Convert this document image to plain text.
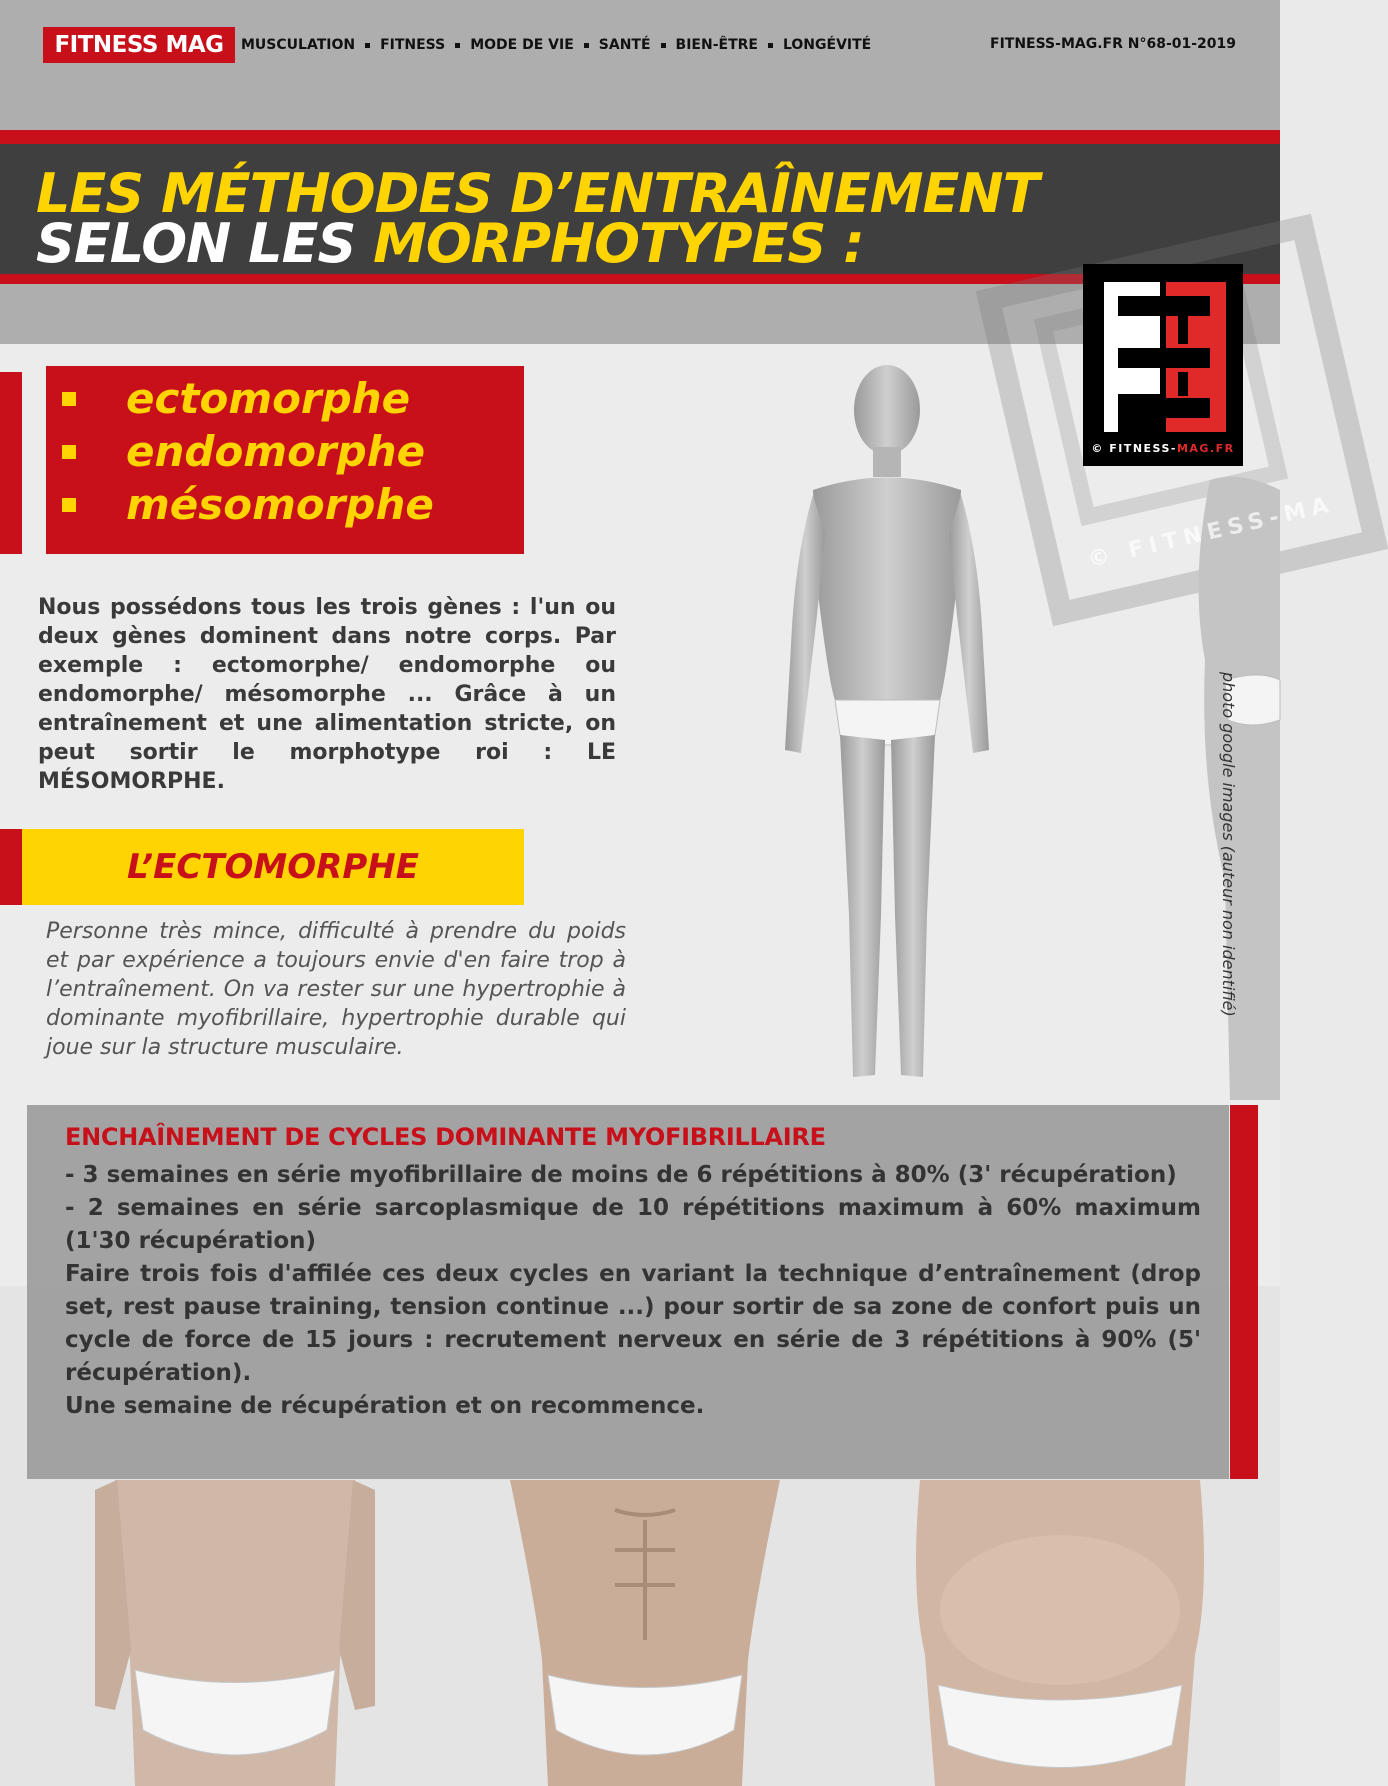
FITNESS MAG	MUSCULATION FITNESS MODE DE VIE SANTÉ BIEN-ÊTRE LONGÉVITÉ	FITNESS-MAG.FR N°68-01-2019
LES MÉTHODES D’ENTRAÎNEMENT
SELON LES MORPHOTYPES :
© FITNESS-MA
© FITNESS-MAG.FR
photo google images (auteur non identifié)
ectomorphe
endomorphe
mésomorphe
Nous possédons tous les trois gènes : l'un ou deux gènes dominent dans notre corps. Par exemple : ectomorphe/ endomorphe ou endomorphe/ mésomorphe ... Grâce à un entraînement et une alimentation stricte, on peut sortir le morphotype roi : LE MÉSOMORPHE.
L’ECTOMORPHE
Personne très mince, difficulté à prendre du poids et par expérience a toujours envie d'en faire trop à l’entraînement. On va rester sur une hypertrophie à dominante myofibrillaire, hypertrophie durable qui joue sur la structure musculaire.
ENCHAÎNEMENT DE CYCLES DOMINANTE MYOFIBRILLAIRE

- 3 semaines en série myofibrillaire de moins de 6 répétitions à 80% (3' récupération)

- 2 semaines en série sarcoplasmique de 10 répétitions maximum à 60% maximum (1'30 récupération)

Faire trois fois d'affilée ces deux cycles en variant la technique d’entraînement (drop set, rest pause training, tension continue ...) pour sortir de sa zone de confort puis un cycle de force de 15 jours : recrutement nerveux en série de 3 répétitions à 90% (5' récupération).

Une semaine de récupération et on recommence.
